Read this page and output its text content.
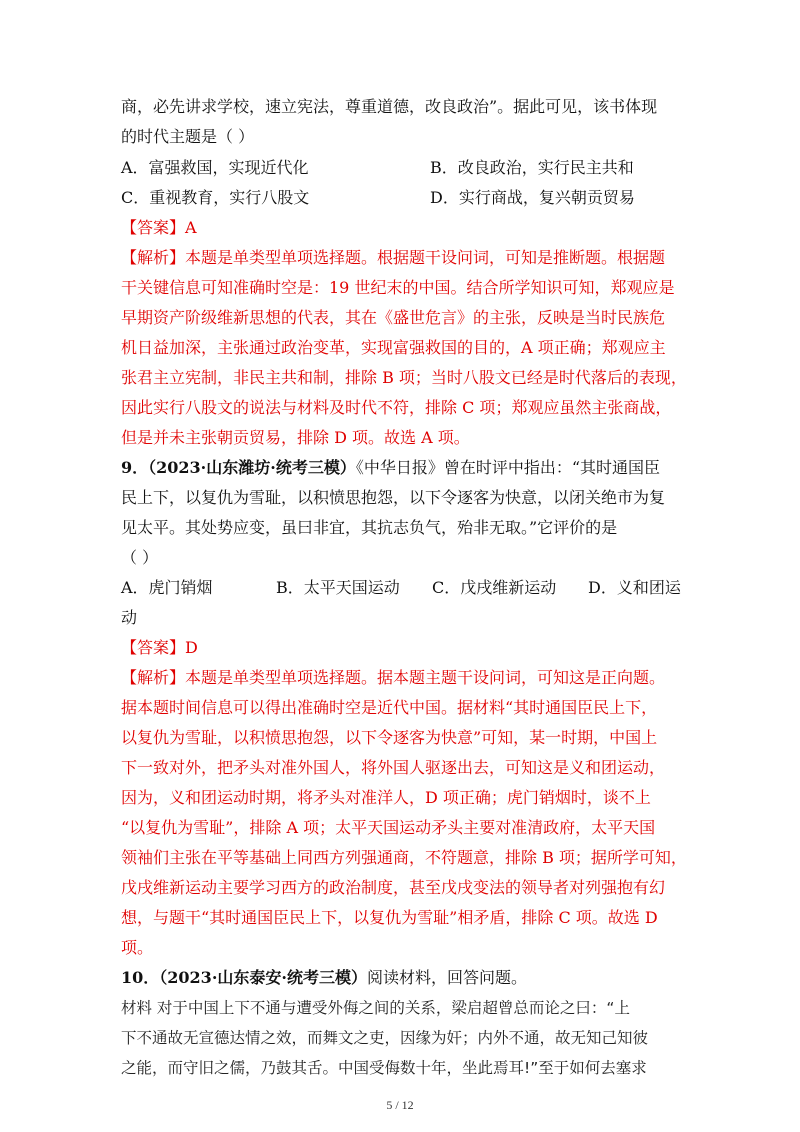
商，必先讲求学校，速立宪法，尊重道德，改良政治”。据此可见，该书体现
的时代主题是（ ）
A．富强救国，实现近代化	B．改良政治，实行民主共和
C．重视教育，实行八股文	D．实行商战，复兴朝贡贸易
【答案】A
【解析】本题是单类型单项选择题。根据题干设问词，可知是推断题。根据题
干关键信息可知准确时空是：19 世纪末的中国。结合所学知识可知，郑观应是
早期资产阶级维新思想的代表，其在《盛世危言》的主张，反映是当时民族危
机日益加深，主张通过政治变革，实现富强救国的目的，A 项正确；郑观应主
张君主立宪制，非民主共和制，排除 B 项；当时八股文已经是时代落后的表现，
因此实行八股文的说法与材料及时代不符，排除 C 项；郑观应虽然主张商战，
但是并未主张朝贡贸易，排除 D 项。故选 A 项。
9．（2023·山东潍坊·统考三模）《中华日报》曾在时评中指出：“其时通国臣
民上下，以复仇为雪耻，以积愤思抱怨，以下令逐客为快意，以闭关绝市为复
见太平。其处势应变，虽曰非宜，其抗志负气，殆非无取。”它评价的是
（ ）
A．虎门销烟	B．太平天国运动 C．戊戌维新运动 D．义和团运
动
【答案】D
【解析】本题是单类型单项选择题。据本题主题干设问词，可知这是正向题。
据本题时间信息可以得出准确时空是近代中国。据材料“其时通国臣民上下，
以复仇为雪耻，以积愤思抱怨，以下令逐客为快意”可知，某一时期，中国上
下一致对外，把矛头对准外国人，将外国人驱逐出去，可知这是义和团运动，
因为，义和团运动时期，将矛头对准洋人，D 项正确；虎门销烟时，谈不上
“以复仇为雪耻”，排除 A 项；太平天国运动矛头主要对准清政府，太平天国
领袖们主张在平等基础上同西方列强通商，不符题意，排除 B 项；据所学可知，
戊戌维新运动主要学习西方的政治制度，甚至戊戌变法的领导者对列强抱有幻
想，与题干“其时通国臣民上下，以复仇为雪耻”相矛盾，排除 C 项。故选 D
项。
10．（2023·山东泰安·统考三模）阅读材料，回答问题。
材料 对于中国上下不通与遭受外侮之间的关系，梁启超曾总而论之曰：“上
下不通故无宣德达情之效，而舞文之吏，因缘为奸；内外不通，故无知己知彼
之能，而守旧之儒，乃鼓其舌。中国受侮数十年，坐此焉耳!”至于如何去塞求
5 / 12
